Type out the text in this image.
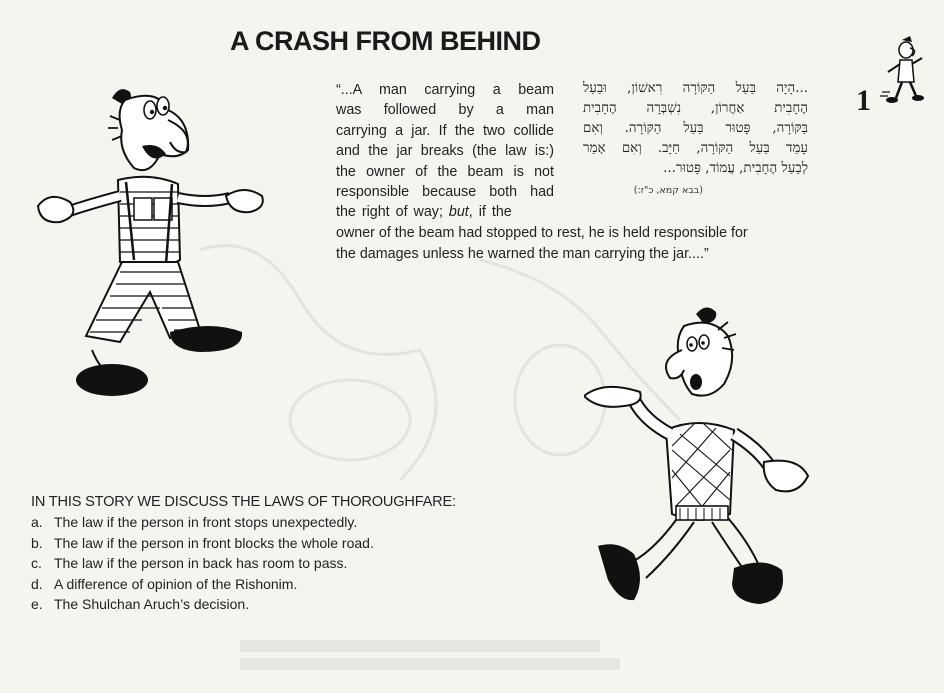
A CRASH FROM BEHIND
1
“...A man carrying a beam
was followed by a man
carrying a jar. If the two collide
and the jar breaks (the law is:)
the owner of the beam is not
responsible because both had
the right of way; but, if the
owner of the beam had stopped to rest, he is held responsible for
the damages unless he warned the man carrying the jar....”
...הָיָה בַּעַל הַקּוֹרָה רִאשׁוֹן, וּבַעַל
הֶחָבִית אַחֲרוֹן, נִשְׁבְּרָה הֶחָבִית
בַּקּוֹרָה, פָּטוּר בַּעַל הַקּוֹרָה. וְאִם
עָמַד בַּעַל הַקּוֹרָה, חַיָּב. וְאִם אָמַר
לְבַעַל הֶחָבִית, עֲמוֹד, פָּטוּר...
(בבא קמא, כ"ז:)
IN THIS STORY WE DISCUSS THE LAWS OF THOROUGHFARE:
a. The law if the person in front stops unexpectedly.
b. The law if the person in front blocks the whole road.
c. The law if the person in back has room to pass.
d. A difference of opinion of the Rishonim.
e. The Shulchan Aruch’s decision.
